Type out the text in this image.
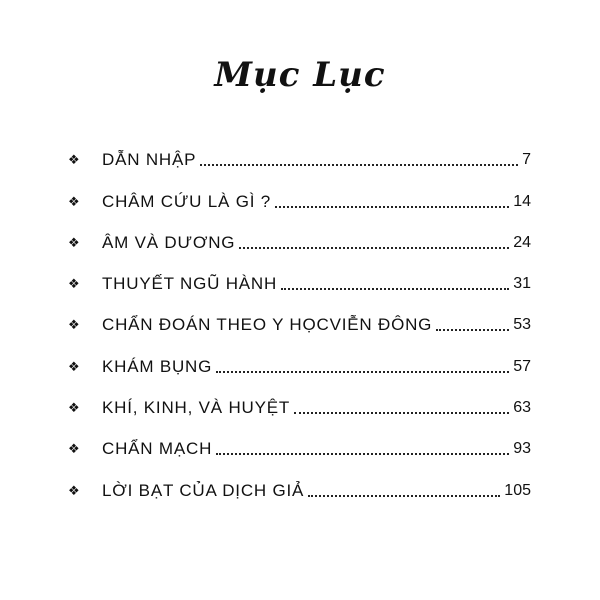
Mục Lục
❖	DẪN NHẬP	7
❖	CHÂM CỨU LÀ GÌ ?	14
❖	ÂM VÀ DƯƠNG	24
❖	THUYẾT NGŨ HÀNH	31
❖	CHẨN ĐOÁN THEO Y HỌCVIỄN ĐÔNG	53
❖	KHÁM BỤNG	57
❖	KHÍ, KINH, VÀ HUYỆT	63
❖	CHẨN MẠCH	93
❖	LỜI BẠT CỦA DỊCH GIẢ	105
